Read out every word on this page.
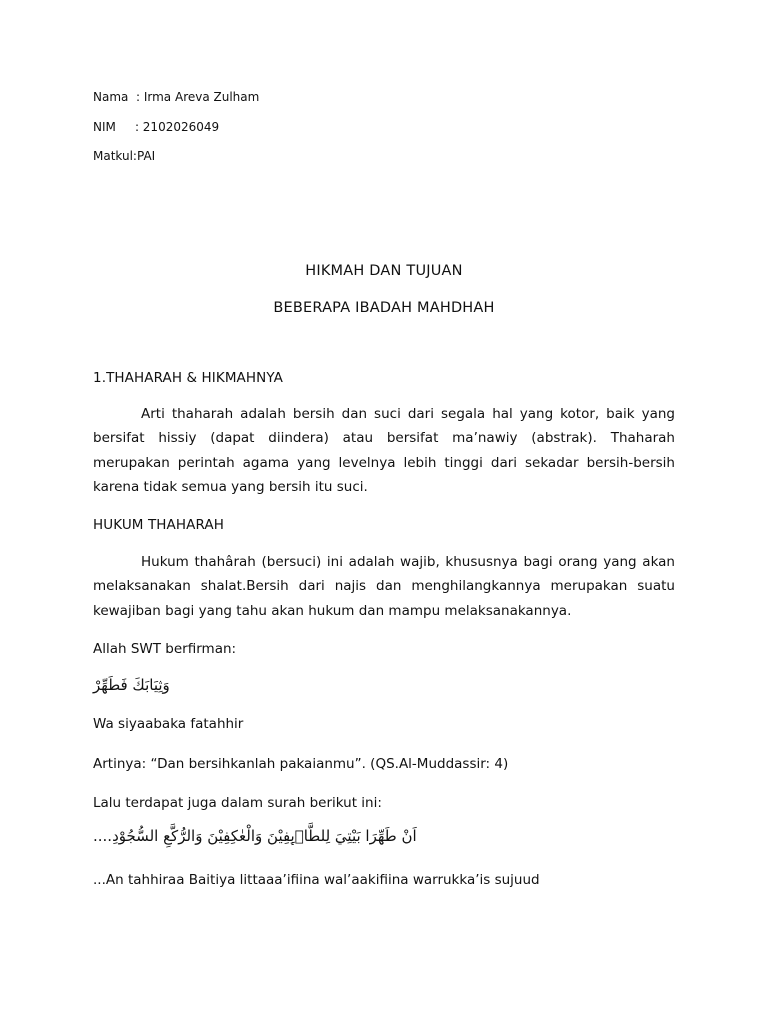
Nama  : Irma Areva Zulham
NIM     : 2102026049
Matkul:PAI
HIKMAH DAN TUJUAN
BEBERAPA IBADAH MAHDHAH
1.THAHARAH & HIKMAHNYA
Arti thaharah adalah bersih dan suci dari segala hal yang kotor, baik yang bersifat hissiy (dapat diindera) atau bersifat ma’nawiy (abstrak). Thaharah merupakan perintah agama yang levelnya lebih tinggi dari sekadar bersih-bersih karena tidak semua yang bersih itu suci.
HUKUM THAHARAH
Hukum thahârah (bersuci) ini adalah wajib, khususnya bagi orang yang akan melaksanakan shalat.Bersih dari najis dan menghilangkannya merupakan suatu kewajiban bagi yang tahu akan hukum dan mampu melaksanakannya.
Allah SWT berfirman:
وَثِيَابَكَ فَطَهِّرْ
Wa siyaabaka fatahhir
Artinya: “Dan bersihkanlah pakaianmu”. (QS.Al-Muddassir: 4)
Lalu terdapat juga dalam surah berikut ini:
اَنْ طَهِّرَا بَيْتِيَ لِلطَّاۤىِٕفِيْنَ وَالْعٰكِفِيْنَ وَالرُّكَّعِ السُّجُوْدِ....
...An tahhiraa Baitiya littaaa’ifiina wal’aakifiina warrukka’is sujuud
